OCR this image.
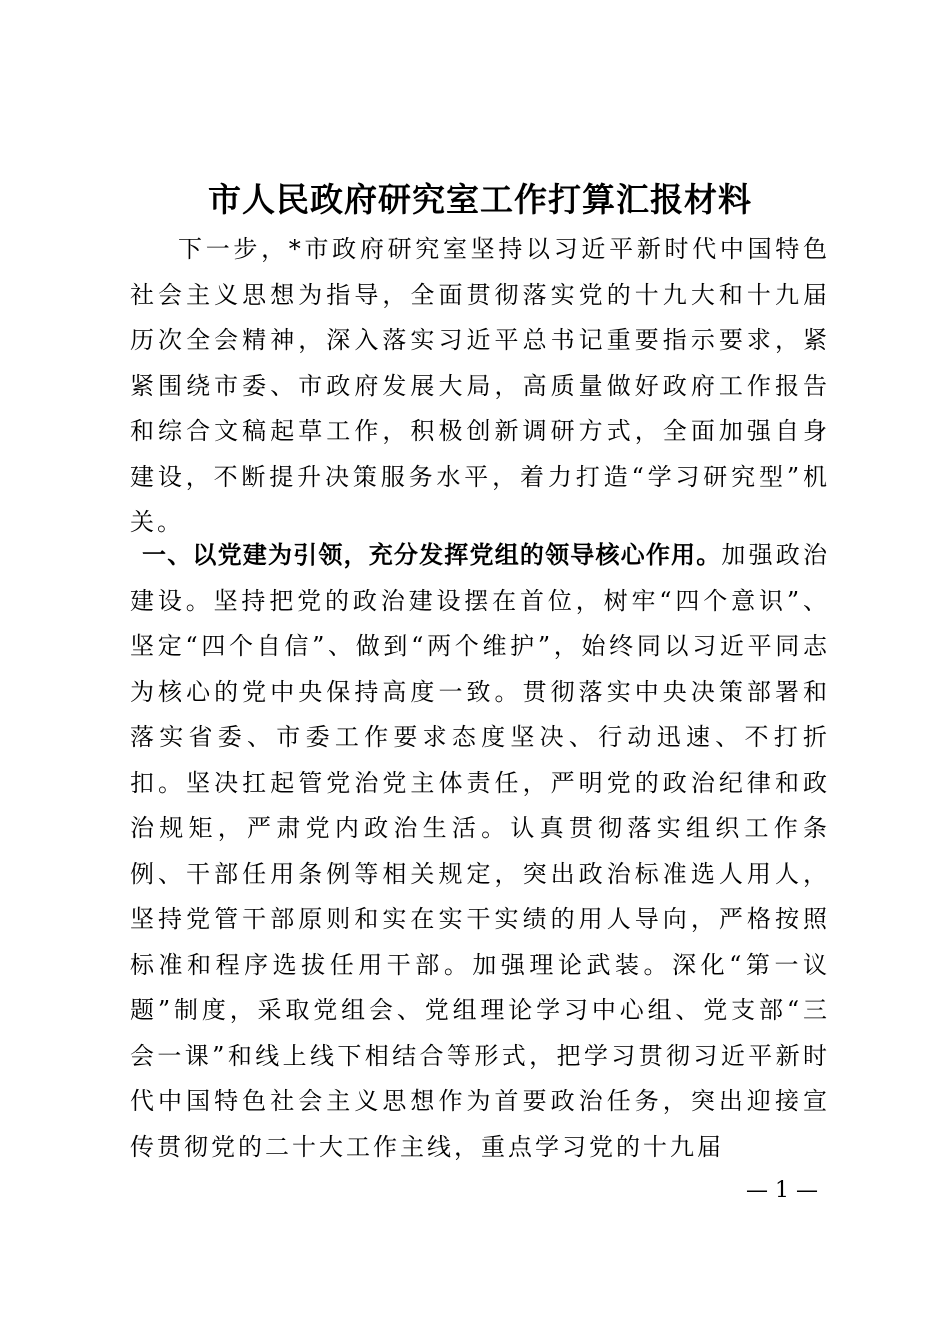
市人民政府研究室工作打算汇报材料
下一步，*市政府研究室坚持以习近平新时代中国特色社会主义思想为指导，全面贯彻落实党的十九大和十九届历次全会精神，深入落实习近平总书记重要指示要求，紧紧围绕市委、市政府发展大局，高质量做好政府工作报告和综合文稿起草工作，积极创新调研方式，全面加强自身建设，不断提升决策服务水平，着力打造“学习研究型”机关。
一、以党建为引领，充分发挥党组的领导核心作用。加强政治建设。坚持把党的政治建设摆在首位，树牢“四个意识”、坚定“四个自信”、做到“两个维护”，始终同以习近平同志为核心的党中央保持高度一致。贯彻落实中央决策部署和落实省委、市委工作要求态度坚决、行动迅速、不打折扣。坚决扛起管党治党主体责任，严明党的政治纪律和政治规矩，严肃党内政治生活。认真贯彻落实组织工作条例、干部任用条例等相关规定，突出政治标准选人用人，坚持党管干部原则和实在实干实绩的用人导向，严格按照标准和程序选拔任用干部。加强理论武装。深化“第一议题”制度，采取党组会、党组理论学习中心组、党支部“三会一课”和线上线下相结合等形式，把学习贯彻习近平新时代中国特色社会主义思想作为首要政治任务，突出迎接宣传贯彻党的二十大工作主线，重点学习党的十九届
— 1 —
